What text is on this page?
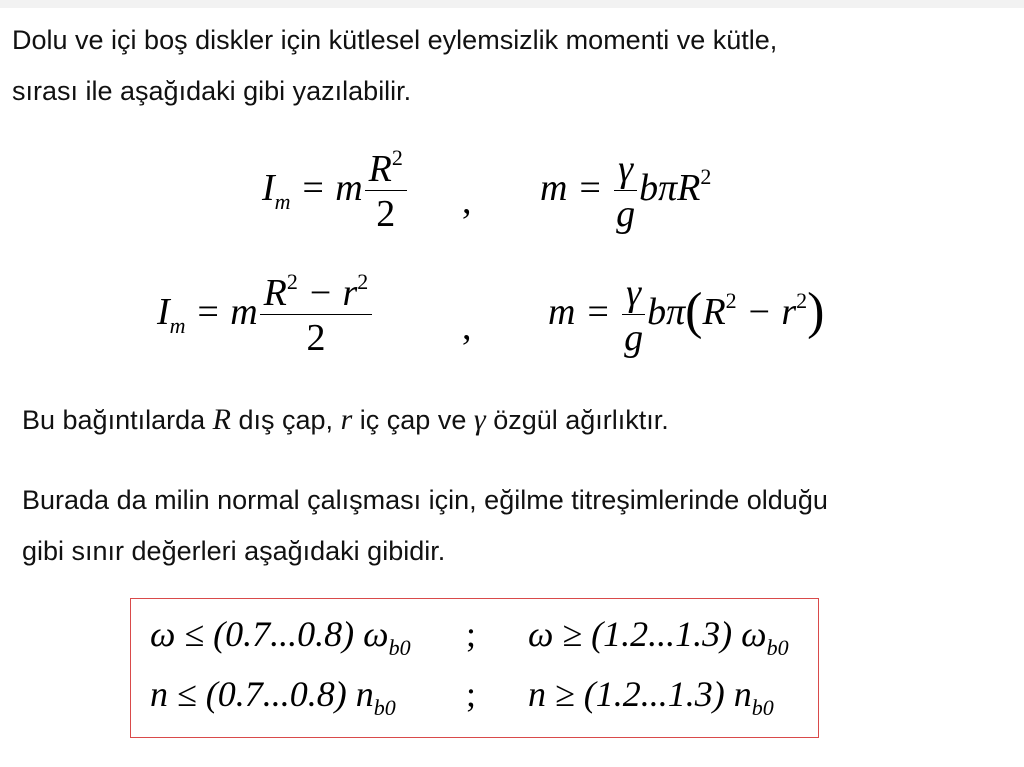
Dolu ve içi boş diskler için kütlesel eylemsizlik momenti ve kütle,
sırası ile aşağıdaki gibi yazılabilir.
$I_m = m \frac{R^2}{2}$ , $m = \frac{\gamma}{g} b\pi R^2$
$I_m = m \frac{R^2 - r^2}{2}$ , $m = \frac{\gamma}{g} b\pi(R^2 - r^2)$
Bu bağıntılarda R dış çap, r iç çap ve γ özgül ağırlıktır.
Burada da milin normal çalışması için, eğilme titreşimlerinde olduğu
gibi sınır değerleri aşağıdaki gibidir.
ω ≤ (0.7...0.8) $\omega_{b0}$ ; ω ≥ (1.2...1.3) $\omega_{b0}$
n ≤ (0.7...0.8) $n_{b0}$ ; n ≥ (1.2...1.3) $n_{b0}$
